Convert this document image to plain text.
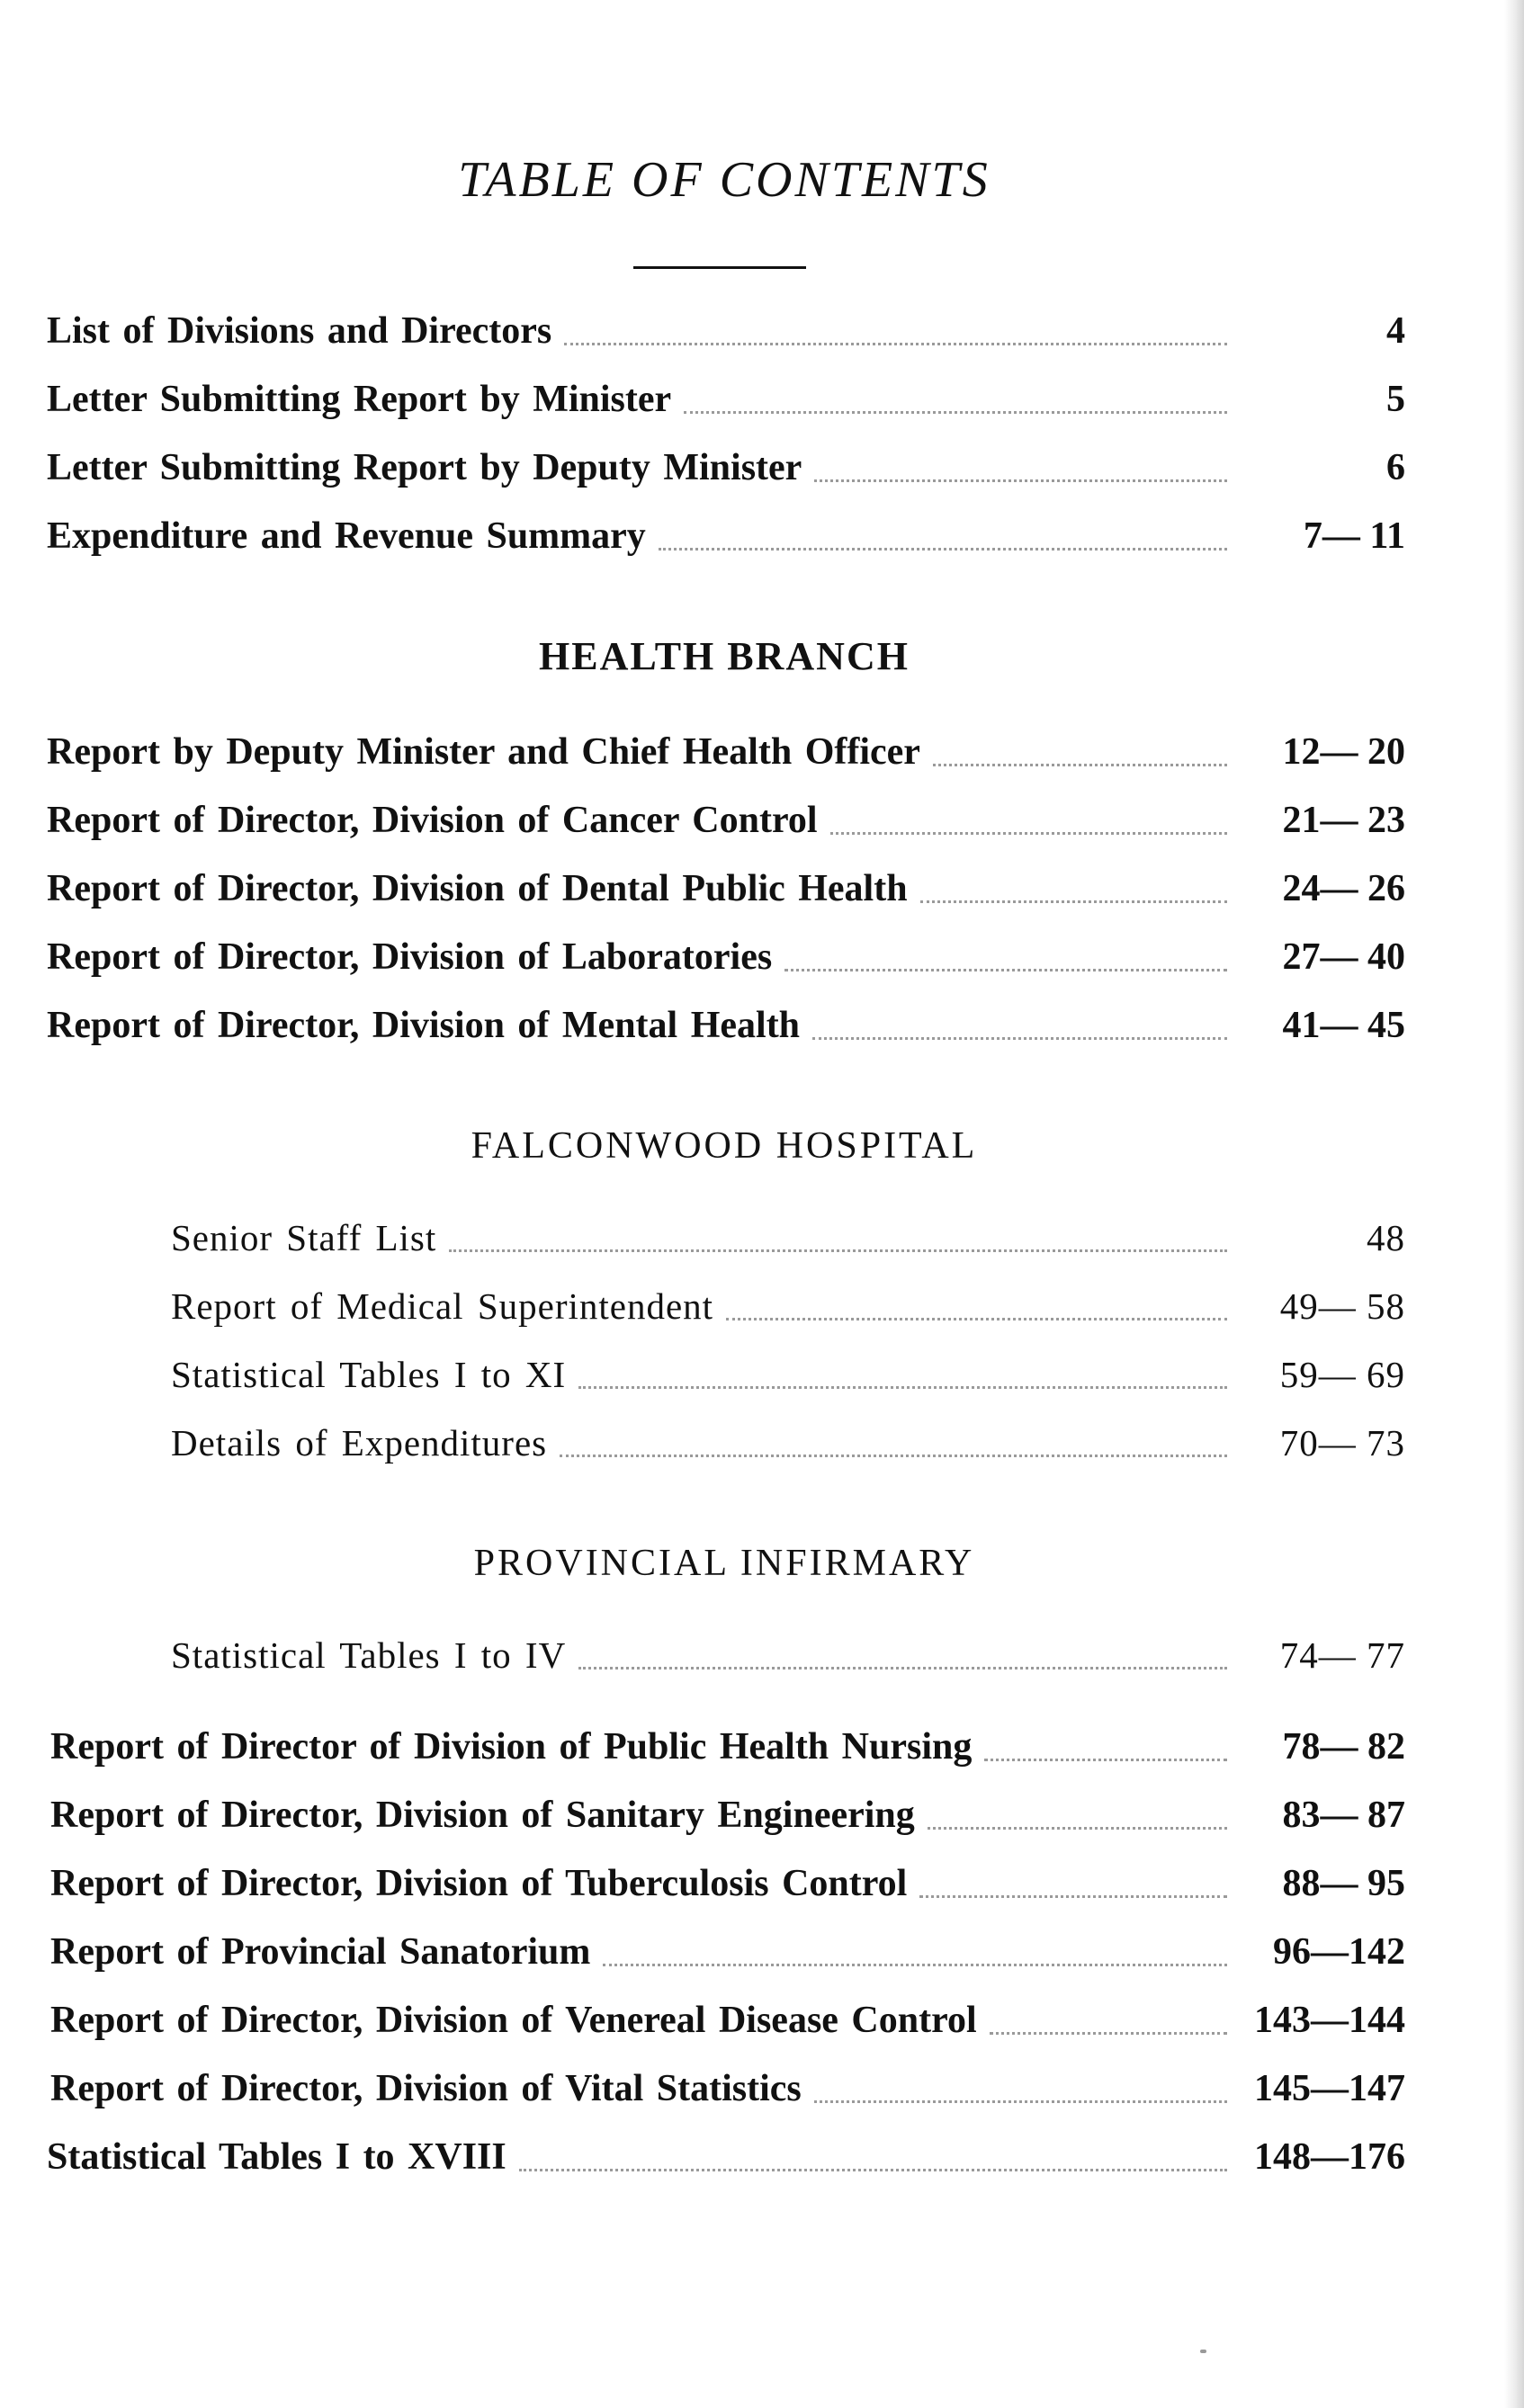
TABLE OF CONTENTS
List of Divisions and Directors	4
Letter Submitting Report by Minister	5
Letter Submitting Report by Deputy Minister	6
Expenditure and Revenue Summary	7— 11
HEALTH BRANCH
Report by Deputy Minister and Chief Health Officer	12— 20
Report of Director, Division of Cancer Control	21— 23
Report of Director, Division of Dental Public Health	24— 26
Report of Director, Division of Laboratories	27— 40
Report of Director, Division of Mental Health	41— 45
FALCONWOOD HOSPITAL
Senior Staff List	48
Report of Medical Superintendent	49— 58
Statistical Tables I to XI	59— 69
Details of Expenditures	70— 73
PROVINCIAL INFIRMARY
Statistical Tables I to IV	74— 77
Report of Director of Division of Public Health Nursing	78— 82
Report of Director, Division of Sanitary Engineering	83— 87
Report of Director, Division of Tuberculosis Control	88— 95
Report of Provincial Sanatorium	96—142
Report of Director, Division of Venereal Disease Control	143—144
Report of Director, Division of Vital Statistics	145—147
Statistical Tables I to XVIII	148—176
